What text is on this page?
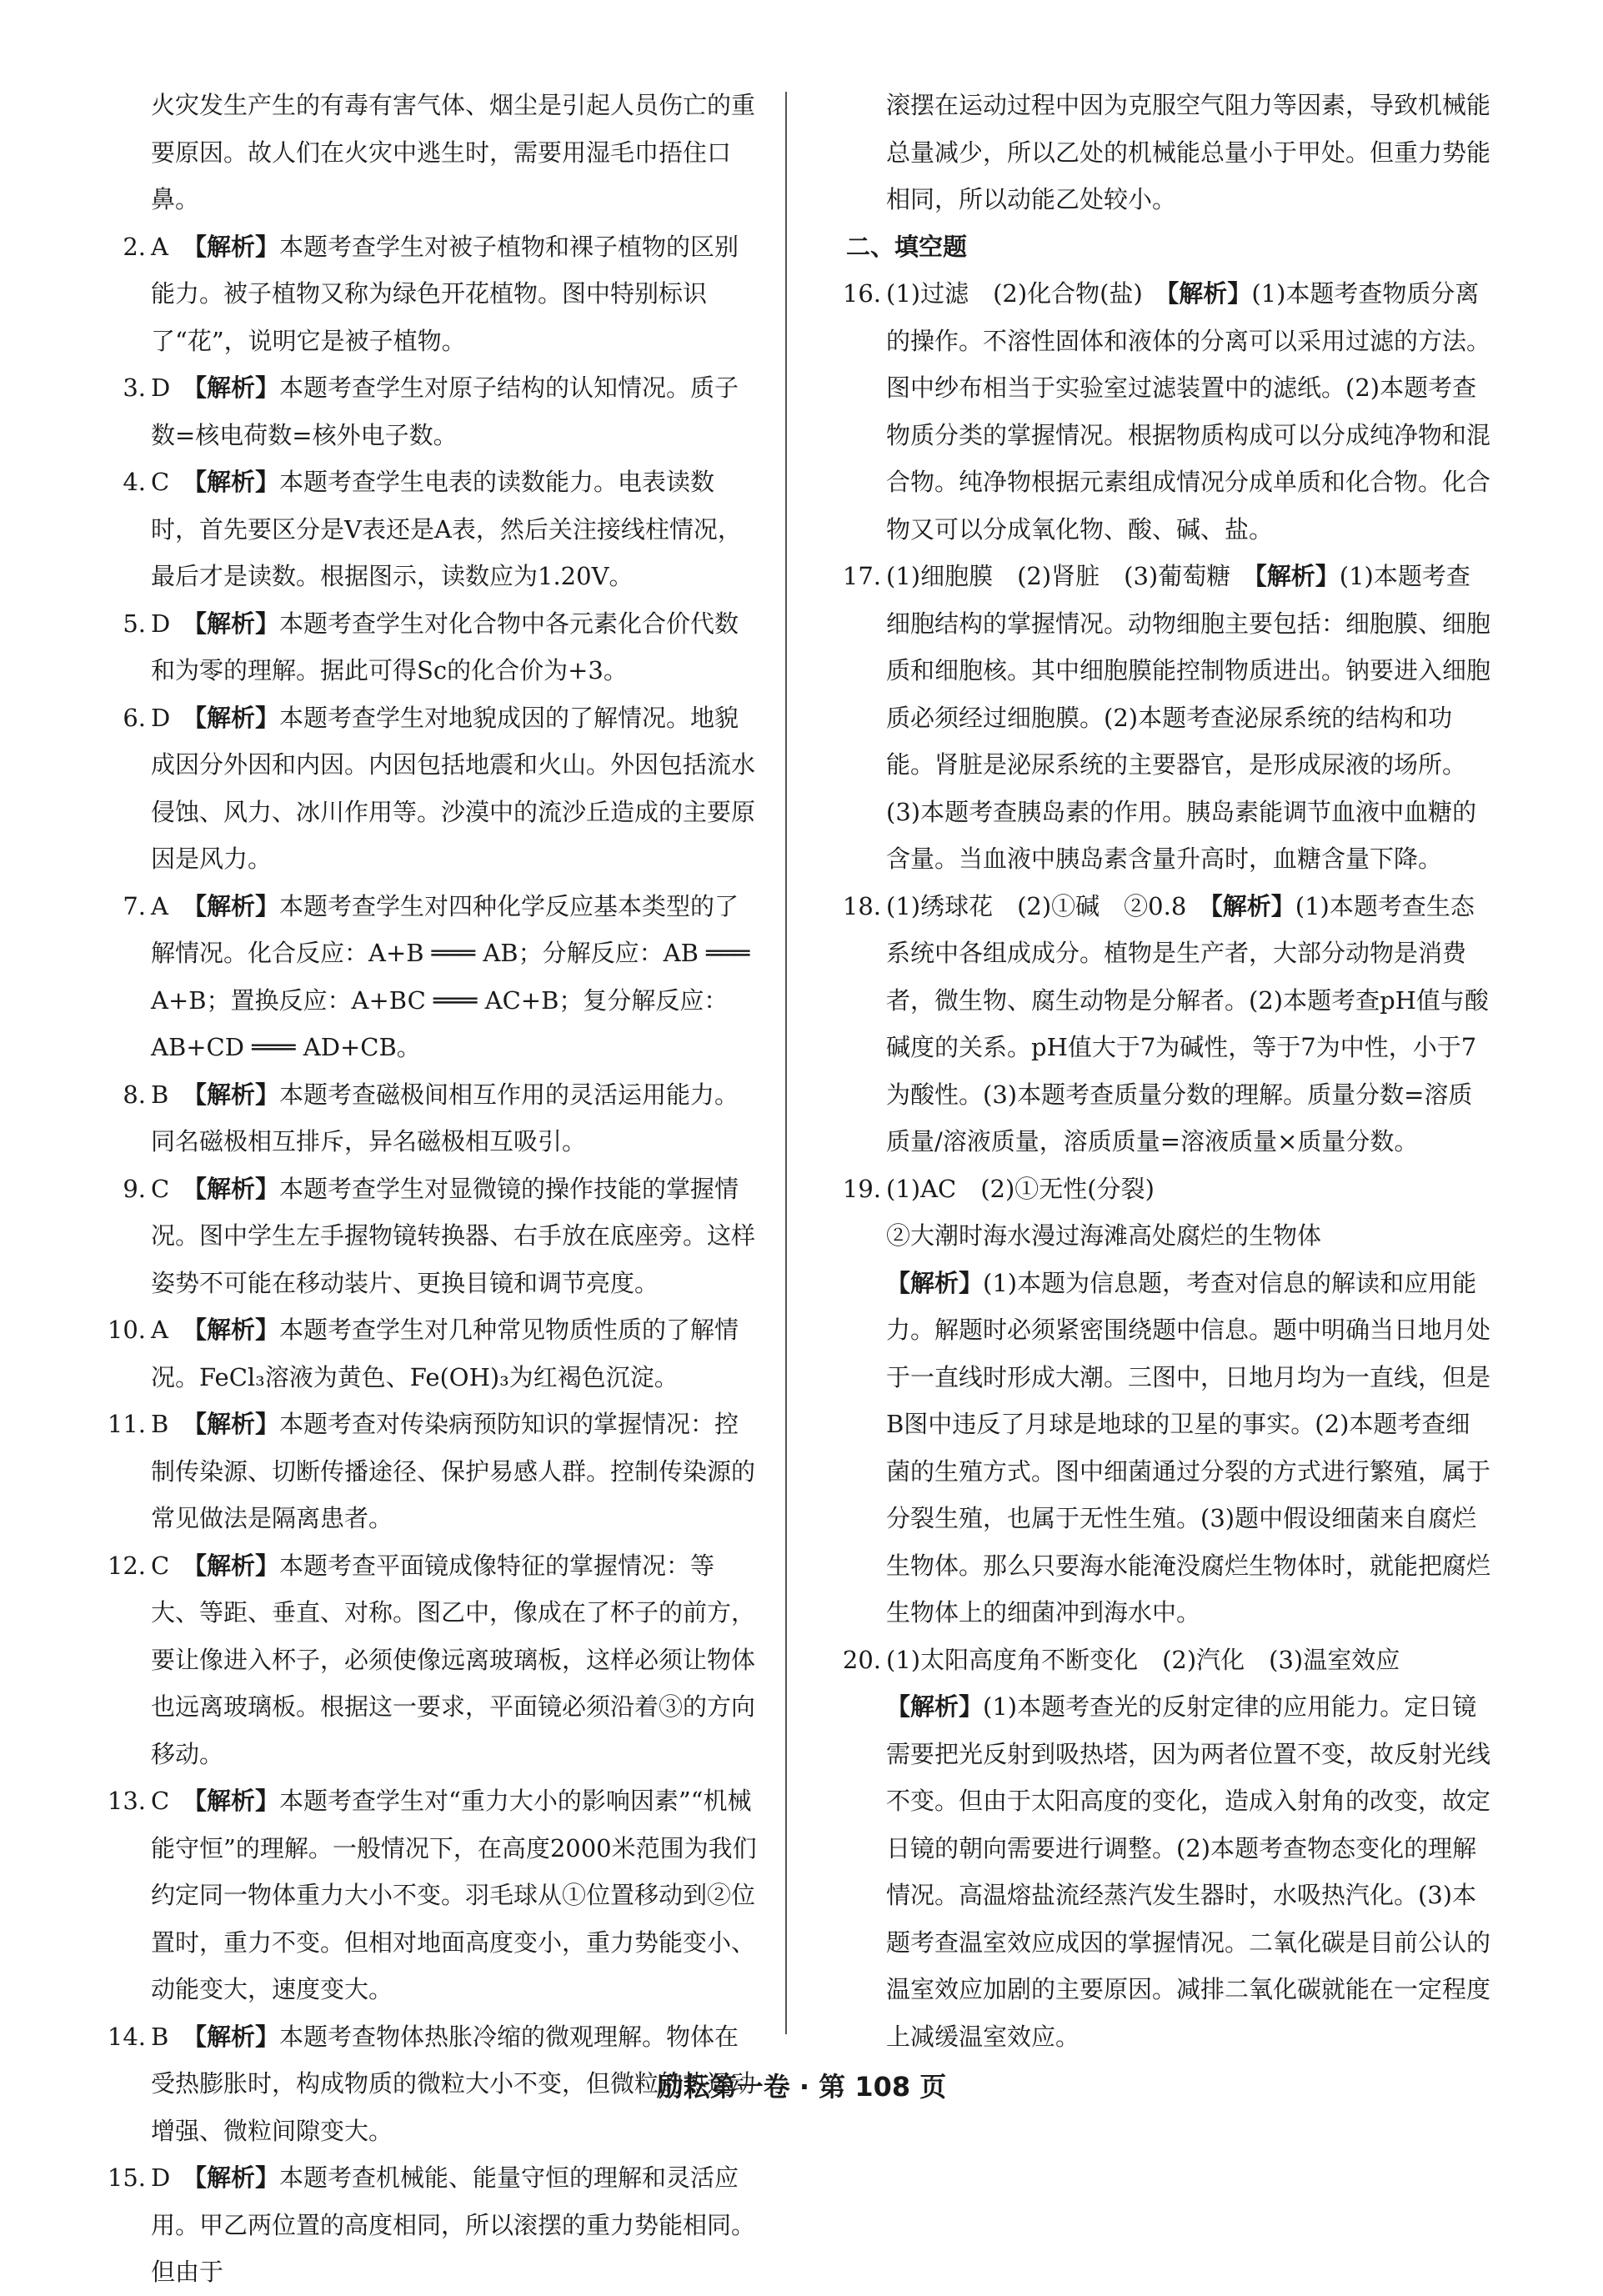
火灾发生产生的有毒有害气体、烟尘是引起人员伤亡的重要原因。故人们在火灾中逃生时，需要用湿毛巾捂住口鼻。

2. A 【解析】本题考查学生对被子植物和裸子植物的区别能力。被子植物又称为绿色开花植物。图中特别标识了“花”，说明它是被子植物。

3. D 【解析】本题考查学生对原子结构的认知情况。质子数=核电荷数=核外电子数。

4. C 【解析】本题考查学生电表的读数能力。电表读数时，首先要区分是V表还是A表，然后关注接线柱情况，最后才是读数。根据图示，读数应为1.20V。

5. D 【解析】本题考查学生对化合物中各元素化合价代数和为零的理解。据此可得Sc的化合价为+3。

6. D 【解析】本题考查学生对地貌成因的了解情况。地貌成因分外因和内因。内因包括地震和火山。外因包括流水侵蚀、风力、冰川作用等。沙漠中的流沙丘造成的主要原因是风力。

7. A 【解析】本题考查学生对四种化学反应基本类型的了解情况。化合反应：A+B ═══ AB；分解反应：AB ═══ A+B；置换反应：A+BC ═══ AC+B；复分解反应：AB+CD ═══ AD+CB。

8. B 【解析】本题考查磁极间相互作用的灵活运用能力。同名磁极相互排斥，异名磁极相互吸引。

9. C 【解析】本题考查学生对显微镜的操作技能的掌握情况。图中学生左手握物镜转换器、右手放在底座旁。这样姿势不可能在移动装片、更换目镜和调节亮度。

10. A 【解析】本题考查学生对几种常见物质性质的了解情况。FeCl₃溶液为黄色、Fe(OH)₃为红褐色沉淀。

11. B 【解析】本题考查对传染病预防知识的掌握情况：控制传染源、切断传播途径、保护易感人群。控制传染源的常见做法是隔离患者。

12. C 【解析】本题考查平面镜成像特征的掌握情况：等大、等距、垂直、对称。图乙中，像成在了杯子的前方，要让像进入杯子，必须使像远离玻璃板，这样必须让物体也远离玻璃板。根据这一要求，平面镜必须沿着③的方向移动。

13. C 【解析】本题考查学生对“重力大小的影响因素”“机械能守恒”的理解。一般情况下，在高度2000米范围为我们约定同一物体重力大小不变。羽毛球从①位置移动到②位置时，重力不变。但相对地面高度变小，重力势能变小、动能变大，速度变大。

14. B 【解析】本题考查物体热胀冷缩的微观理解。物体在受热膨胀时，构成物质的微粒大小不变，但微粒的热运动增强、微粒间隙变大。

15. D 【解析】本题考查机械能、能量守恒的理解和灵活应用。甲乙两位置的高度相同，所以滚摆的重力势能相同。但由于

滚摆在运动过程中因为克服空气阻力等因素，导致机械能总量减少，所以乙处的机械能总量小于甲处。但重力势能相同，所以动能乙处较小。

二、填空题

16. (1)过滤　(2)化合物(盐)　【解析】(1)本题考查物质分离的操作。不溶性固体和液体的分离可以采用过滤的方法。图中纱布相当于实验室过滤装置中的滤纸。(2)本题考查物质分类的掌握情况。根据物质构成可以分成纯净物和混合物。纯净物根据元素组成情况分成单质和化合物。化合物又可以分成氧化物、酸、碱、盐。

17. (1)细胞膜　(2)肾脏　(3)葡萄糖　【解析】(1)本题考查细胞结构的掌握情况。动物细胞主要包括：细胞膜、细胞质和细胞核。其中细胞膜能控制物质进出。钠要进入细胞质必须经过细胞膜。(2)本题考查泌尿系统的结构和功能。肾脏是泌尿系统的主要器官，是形成尿液的场所。(3)本题考查胰岛素的作用。胰岛素能调节血液中血糖的含量。当血液中胰岛素含量升高时，血糖含量下降。

18. (1)绣球花　(2)①碱　②0.8　【解析】(1)本题考查生态系统中各组成成分。植物是生产者，大部分动物是消费者，微生物、腐生动物是分解者。(2)本题考查pH值与酸碱度的关系。pH值大于7为碱性，等于7为中性，小于7为酸性。(3)本题考查质量分数的理解。质量分数=溶质质量/溶液质量，溶质质量=溶液质量×质量分数。

19. (1)AC　(2)①无性(分裂)

②大潮时海水漫过海滩高处腐烂的生物体

【解析】(1)本题为信息题，考查对信息的解读和应用能力。解题时必须紧密围绕题中信息。题中明确当日地月处于一直线时形成大潮。三图中，日地月均为一直线，但是B图中违反了月球是地球的卫星的事实。(2)本题考查细菌的生殖方式。图中细菌通过分裂的方式进行繁殖，属于分裂生殖，也属于无性生殖。(3)题中假设细菌来自腐烂生物体。那么只要海水能淹没腐烂生物体时，就能把腐烂生物体上的细菌冲到海水中。

20. (1)太阳高度角不断变化　(2)汽化　(3)温室效应

【解析】(1)本题考查光的反射定律的应用能力。定日镜需要把光反射到吸热塔，因为两者位置不变，故反射光线不变。但由于太阳高度的变化，造成入射角的改变，故定日镜的朝向需要进行调整。(2)本题考查物态变化的理解情况。高温熔盐流经蒸汽发生器时，水吸热汽化。(3)本题考查温室效应成因的掌握情况。二氧化碳是目前公认的温室效应加剧的主要原因。减排二氧化碳就能在一定程度上减缓温室效应。

励耘第一卷 · 第 108 页
